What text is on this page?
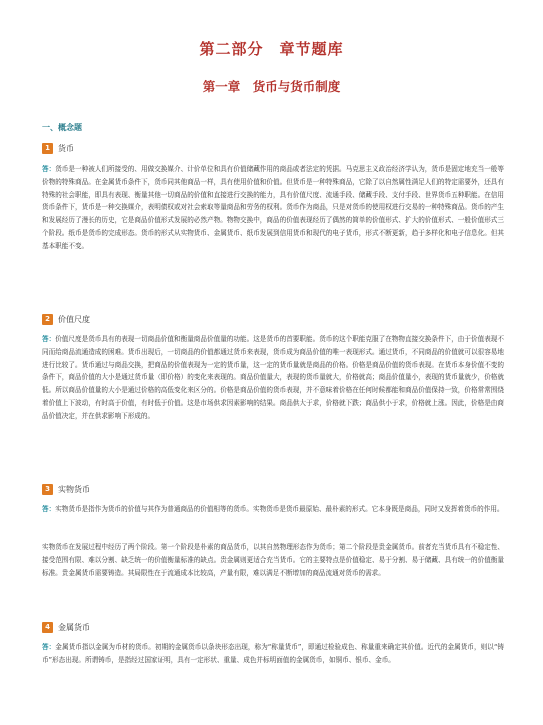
第二部分　章节题库
第一章　货币与货币制度
一、概念题
1	货币

答：货币是一种被人们所接受的、用做交换媒介、计价单位和具有价值储藏作用的商品或者法定的凭据。马克思主义政治经济学认为，货币是固定地充当一般等价物的特殊商品。在金属货币条件下，货币同其他商品一样，具有使用价值和价值。但货币是一种特殊商品，它除了以自然属性满足人们的特定需要外，还具有特殊的社会职能，即具有表现、衡量其他一切商品的价值和直接进行交换的能力，具有价值尺度、流通手段、储藏手段、支付手段、世界货币五种职能。在信用货币条件下，货币是一种交换媒介，表明债权或对社会索取等量商品和劳务的权利。货币作为商品，只是对货币的使用权进行交易的一种特殊商品。货币的产生和发展经历了漫长的历史，它是商品价值形式发展的必然产物。物物交换中，商品的价值表现经历了偶然的简单的价值形式、扩大的价值形式、一般价值形式三个阶段。纸币是货币的完成形态。货币的形式从实物货币、金属货币、纸币发展到信用货币和现代的电子货币，形式不断更新，趋于多样化和电子信息化。但其基本职能不变。

2	价值尺度

答：价值尺度是货币具有的表现一切商品价值和衡量商品价值量的功能。这是货币的首要职能。货币的这个职能克服了在物物直接交换条件下，由于价值表现不同而给商品流通造成的困难。货币出现后，一切商品的价值都通过货币来表现，货币成为商品价值的唯一表现形式。通过货币，不同商品的价值就可以很容易地进行比较了。货币通过与商品交换，把商品的价值表现为一定的货币量，这一定的货币量就是商品的价格。价格是商品价值的货币表现。在货币本身价值不变的条件下，商品价值的大小是通过货币量（即价格）的变化来表现的。商品价值量大，表现的货币量就大，价格就高；商品价值量小，表现的货币量就少，价格就低。所以商品价值量的大小是通过价格的高低变化来区分的。价格是商品价值的货币表现，并不意味着价格在任何时候都能和商品价值保持一致，价格常常围绕着价值上下波动，有时高于价值，有时低于价值。这是市场供求因素影响的结果。商品供大于求，价格就下跌；商品供小于求，价格就上涨。因此，价格是由商品价值决定，并在供求影响下形成的。

3	实物货币

答：实物货币是指作为货币的价值与其作为普通商品的价值相等的货币。实物货币是货币最原始、最朴素的形式。它本身既是商品，同时又发挥着货币的作用。

实物货币在发展过程中经历了两个阶段。第一个阶段是朴素的商品货币，以其自然物理形态作为货币；第二个阶段是贵金属货币。前者充当货币具有不稳定性、接受范围有限、难以分割、缺乏统一的价值衡量标准的缺点。贵金属则更适合充当货币。它的主要特点是价值稳定、易于分割、易于储藏、具有统一的价值衡量标准。贵金属货币需要铸造。其局限性在于流通成本比较高，产量有限，难以满足不断增加的商品流通对货币的需求。

4	金属货币

答：金属货币指以金属为币材的货币。初期的金属货币以条块形态出现，称为“称量货币”，即通过检验成色、称量重来确定其价值。近代的金属货币，则以“铸币”形态出现。所谓铸币，是指经过国家证明，具有一定形状、重量、成色并标明面值的金属货币，如铜币、银币、金币。
